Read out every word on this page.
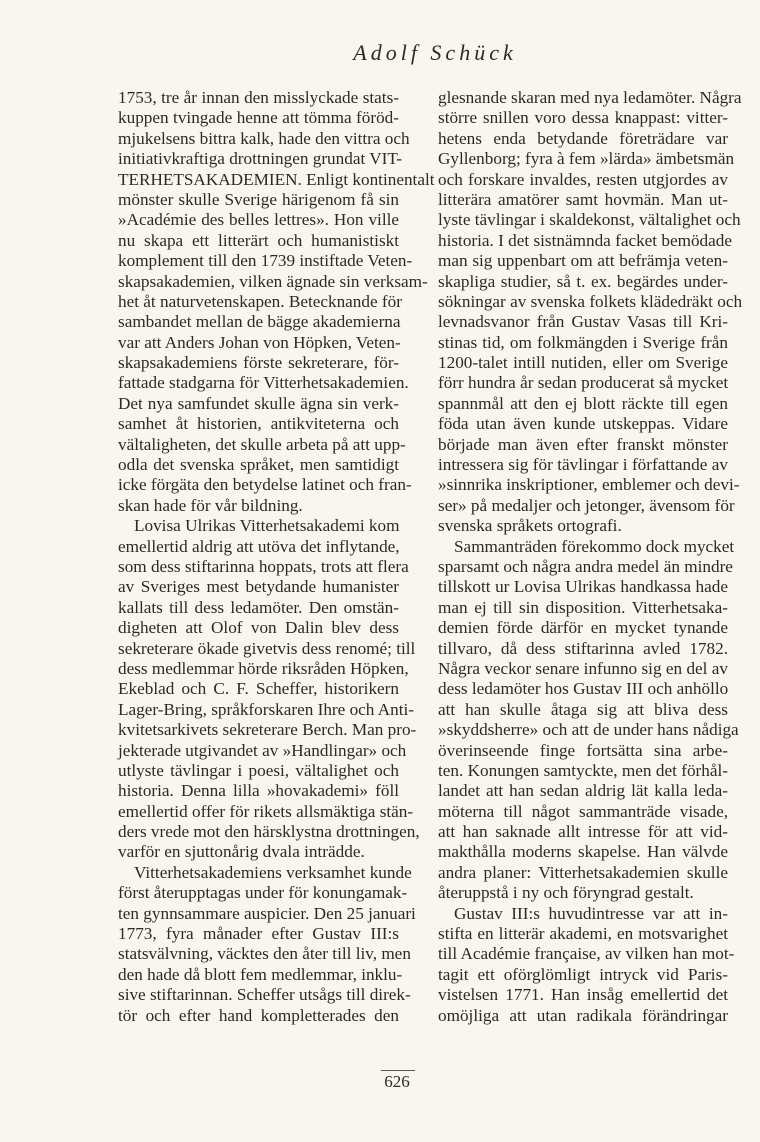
Adolf Schück
1753, tre år innan den misslyckade stats-
kuppen tvingade henne att tömma föröd-
mjukelsens bittra kalk, hade den vittra och
initiativkraftiga drottningen grundat VIT-
TERHETSAKADEMIEN. Enligt kontinentalt
mönster skulle Sverige härigenom få sin
»Académie des belles lettres». Hon ville
nu skapa ett litterärt och humanistiskt
komplement till den 1739 instiftade Veten-
skapsakademien, vilken ägnade sin verksam-
het åt naturvetenskapen. Betecknande för
sambandet mellan de bägge akademierna
var att Anders Johan von Höpken, Veten-
skapsakademiens förste sekreterare, för-
fattade stadgarna för Vitterhetsakademien.
Det nya samfundet skulle ägna sin verk-
samhet åt historien, antikviteterna och
vältaligheten, det skulle arbeta på att upp-
odla det svenska språket, men samtidigt
icke förgäta den betydelse latinet och fran-
skan hade för vår bildning.
Lovisa Ulrikas Vitterhetsakademi kom
emellertid aldrig att utöva det inflytande,
som dess stiftarinna hoppats, trots att flera
av Sveriges mest betydande humanister
kallats till dess ledamöter. Den omstän-
digheten att Olof von Dalin blev dess
sekreterare ökade givetvis dess renomé; till
dess medlemmar hörde riksråden Höpken,
Ekeblad och C. F. Scheffer, historikern
Lager-Bring, språkforskaren Ihre och Anti-
kvitetsarkivets sekreterare Berch. Man pro-
jekterade utgivandet av »Handlingar» och
utlyste tävlingar i poesi, vältalighet och
historia. Denna lilla »hovakademi» föll
emellertid offer för rikets allsmäktiga stän-
ders vrede mot den härsklystna drottningen,
varför en sjuttonårig dvala inträdde.
Vitterhetsakademiens verksamhet kunde
först återupptagas under för konungamak-
ten gynnsammare auspicier. Den 25 januari
1773, fyra månader efter Gustav III:s
statsvälvning, väcktes den åter till liv, men
den hade då blott fem medlemmar, inklu-
sive stiftarinnan. Scheffer utsågs till direk-
tör och efter hand kompletterades den
glesnande skaran med nya ledamöter. Några
större snillen voro dessa knappast: vitter-
hetens enda betydande företrädare var
Gyllenborg; fyra à fem »lärda» ämbetsmän
och forskare invaldes, resten utgjordes av
litterära amatörer samt hovmän. Man ut-
lyste tävlingar i skaldekonst, vältalighet och
historia. I det sistnämnda facket bemödade
man sig uppenbart om att befrämja veten-
skapliga studier, så t. ex. begärdes under-
sökningar av svenska folkets klädedräkt och
levnadsvanor från Gustav Vasas till Kri-
stinas tid, om folkmängden i Sverige från
1200-talet intill nutiden, eller om Sverige
förr hundra år sedan producerat så mycket
spannmål att den ej blott räckte till egen
föda utan även kunde utskeppas. Vidare
började man även efter franskt mönster
intressera sig för tävlingar i författande av
»sinnrika inskriptioner, emblemer och devi-
ser» på medaljer och jetonger, ävensom för
svenska språkets ortografi.
Sammanträden förekommo dock mycket
sparsamt och några andra medel än mindre
tillskott ur Lovisa Ulrikas handkassa hade
man ej till sin disposition. Vitterhetsaka-
demien förde därför en mycket tynande
tillvaro, då dess stiftarinna avled 1782.
Några veckor senare infunno sig en del av
dess ledamöter hos Gustav III och anhöllo
att han skulle åtaga sig att bliva dess
»skyddsherre» och att de under hans nådiga
överinseende finge fortsätta sina arbe-
ten. Konungen samtyckte, men det förhål-
landet att han sedan aldrig lät kalla leda-
möterna till något sammanträde visade,
att han saknade allt intresse för att vid-
makthålla moderns skapelse. Han välvde
andra planer: Vitterhetsakademien skulle
återuppstå i ny och föryngrad gestalt.
Gustav III:s huvudintresse var att in-
stifta en litterär akademi, en motsvarighet
till Académie française, av vilken han mot-
tagit ett oförglömligt intryck vid Paris-
vistelsen 1771. Han insåg emellertid det
omöjliga att utan radikala förändringar
626
